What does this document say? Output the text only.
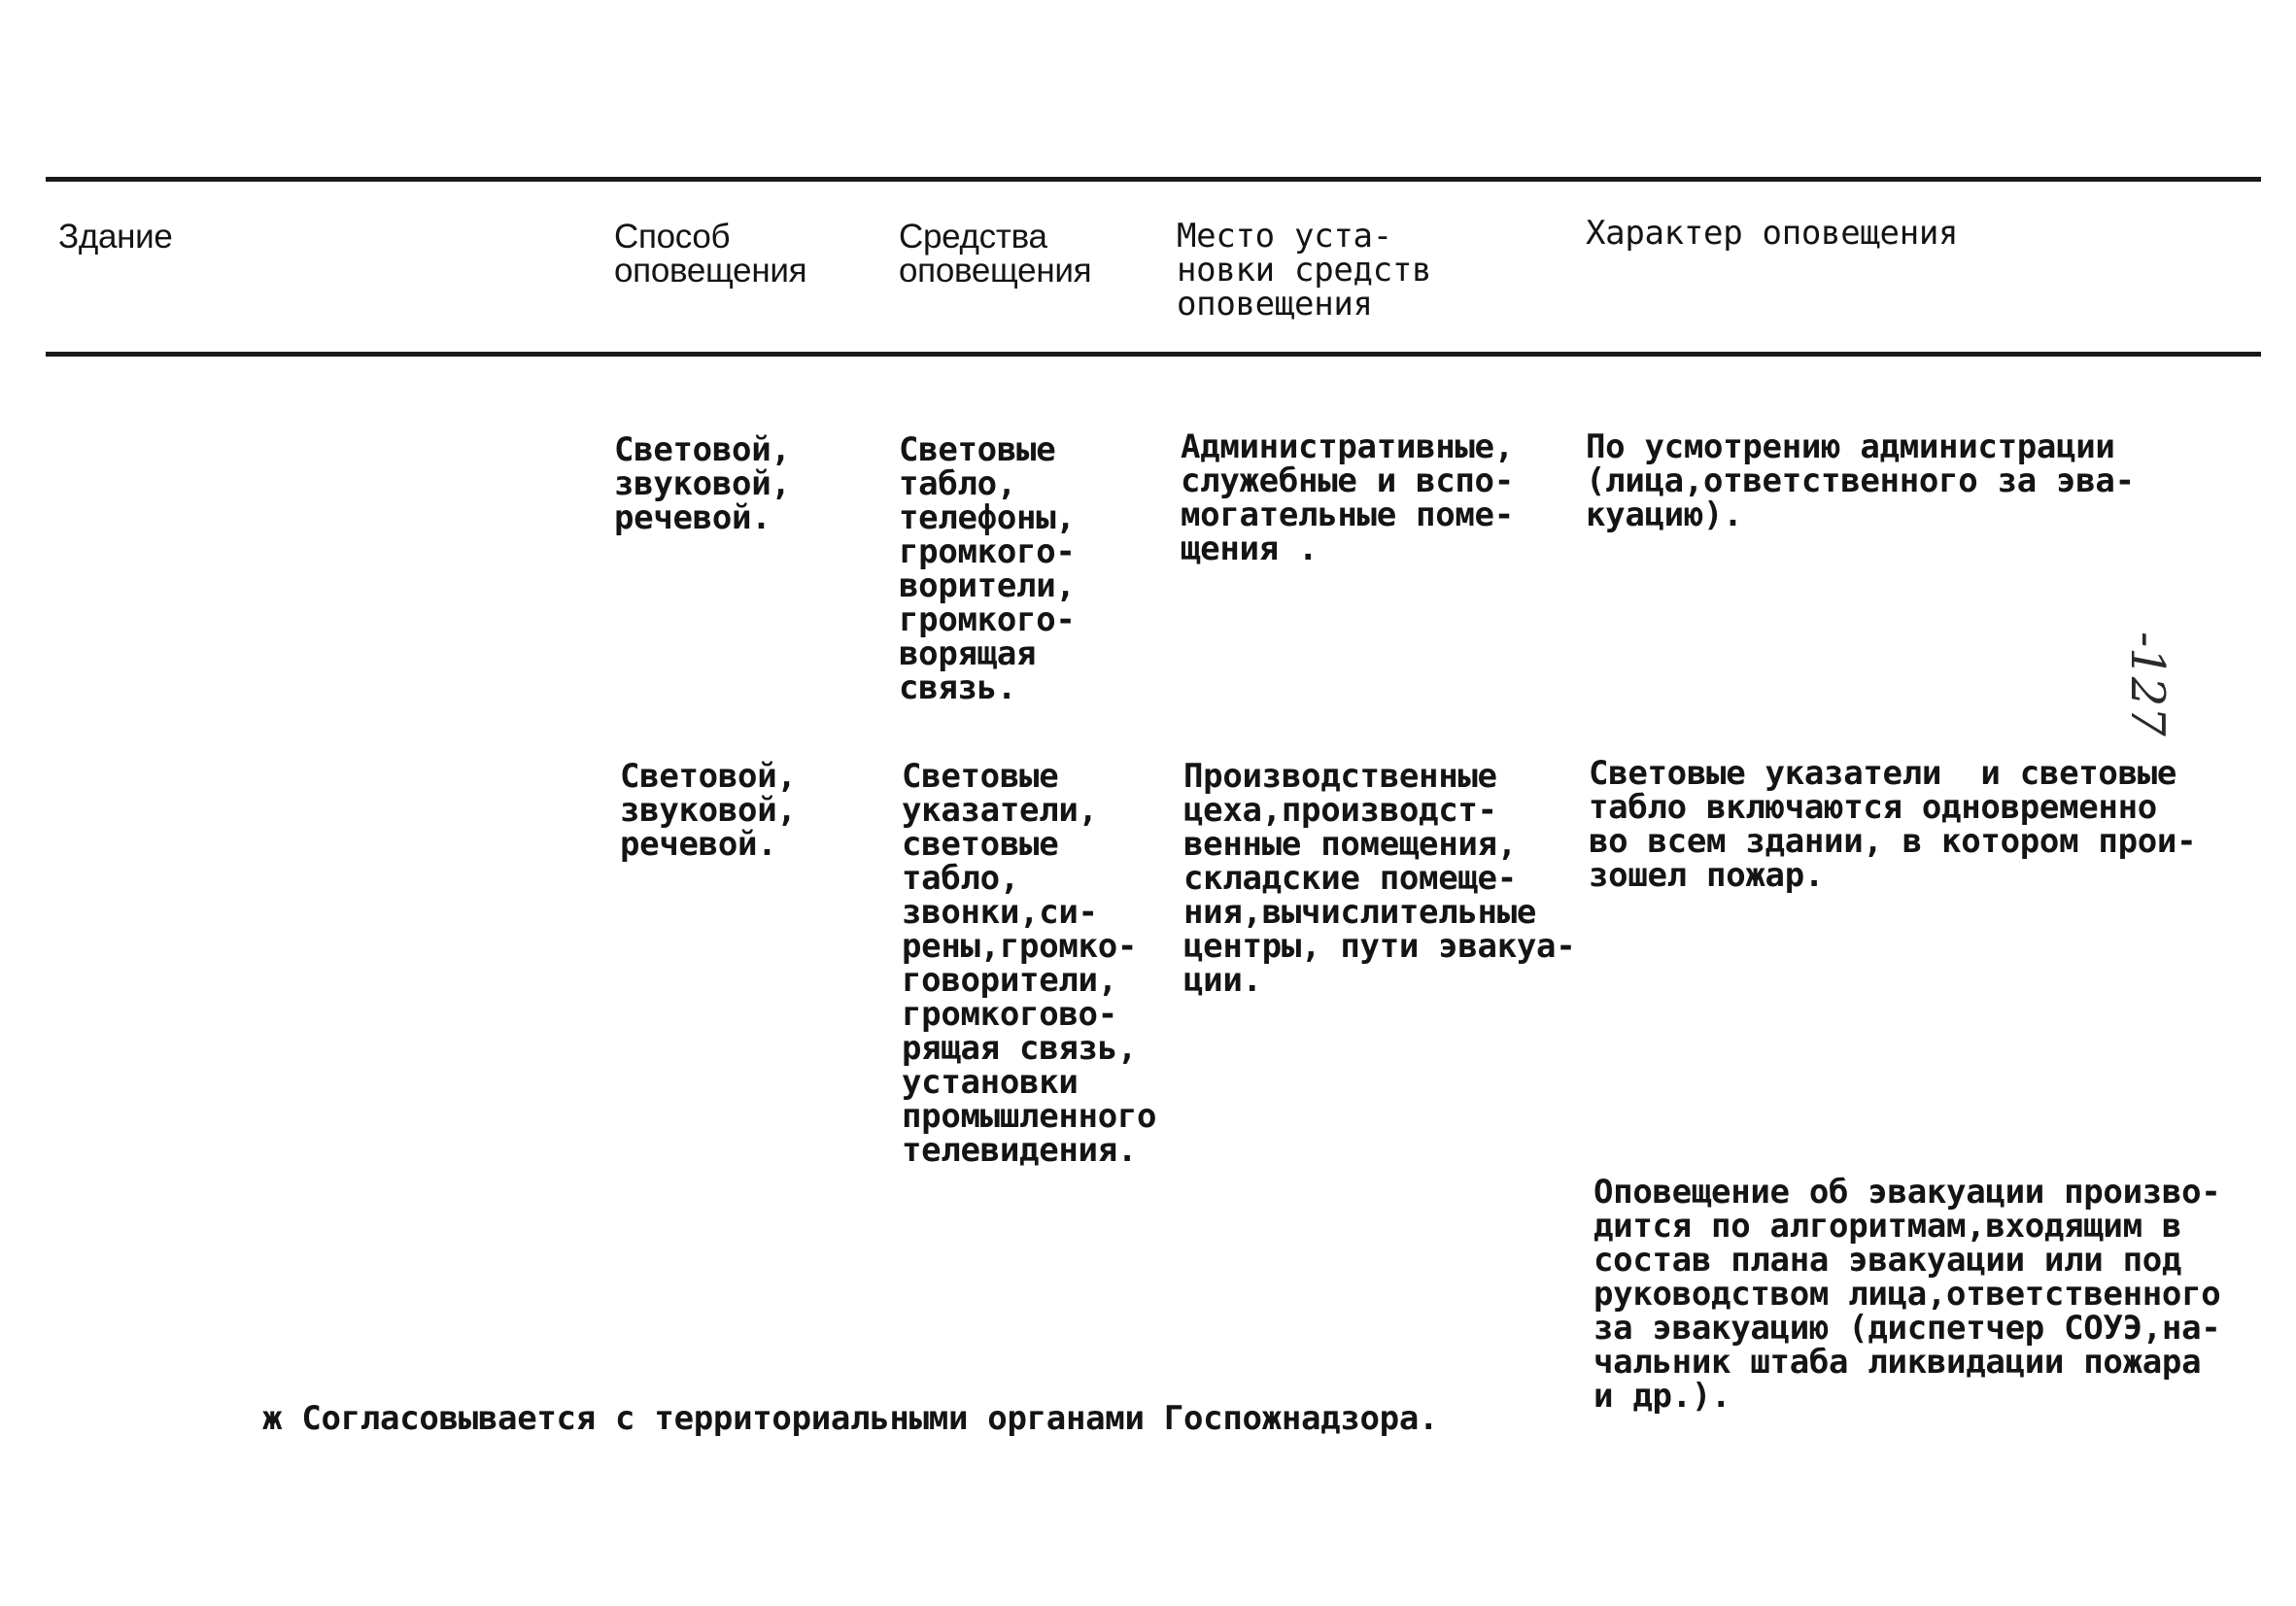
Здание	Способ
оповещения
Средства
оповещения
Место уста-
новки средств
оповещения
Характер оповещения
Световой,
звуковой,
речевой.
Световые
табло,
телефоны,
громкого-
ворители,
громкого-
ворящая
связь.
Административные,
служебные и вспо-
могательные поме-
щения .
По усмотрению администрации
(лица,ответственного за эва-
куацию).
Световой,
звуковой,
речевой.
Световые
указатели,
световые
табло,
звонки,си-
рены,громко-
говорители,
громкогово-
рящая связь,
установки
промышленного
телевидения.
Производственные
цеха,производст-
венные помещения,
складские помеще-
ния,вычислительные
центры, пути эвакуа-
ции.
Световые указатели  и световые
табло включаются одновременно
во всем здании, в котором прои-
зошел пожар.
Оповещение об эвакуации произво-
дится по алгоритмам,входящим в
состав плана эвакуации или под
руководством лица,ответственного
за эвакуацию (диспетчер СОУЭ,на-
чальник штаба ликвидации пожара
и др.).
ж Согласовывается с территориальными органами Госпожнадзора.
-127
